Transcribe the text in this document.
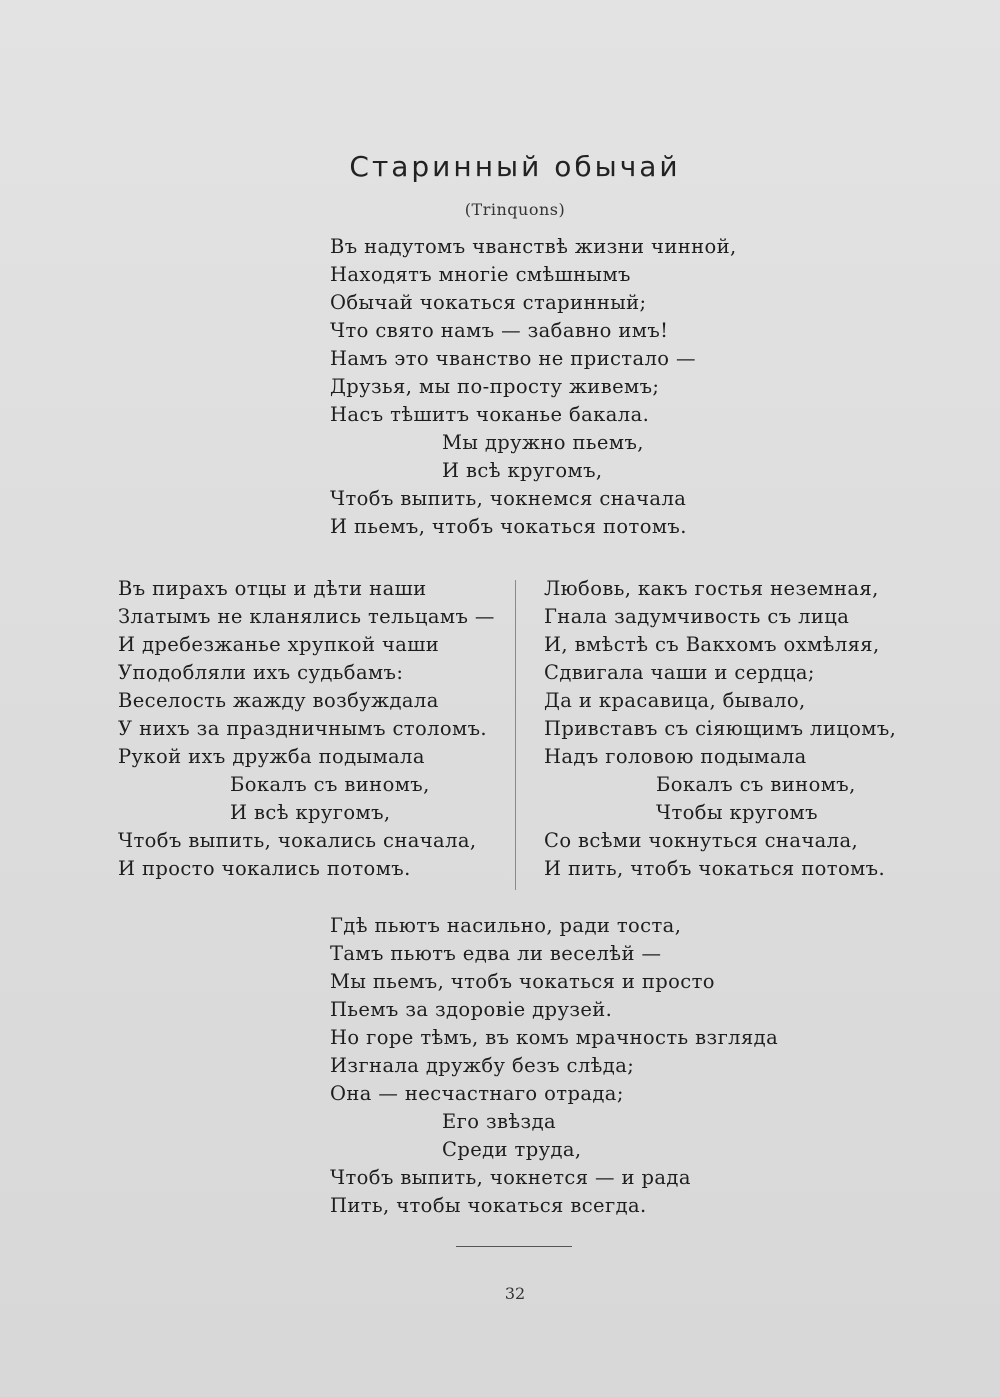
Старинный обычай
(Trinquons)
Въ надутомъ чванствѣ жизни чинной,
Находятъ многіе смѣшнымъ
Обычай чокаться старинный;
Что свято намъ — забавно имъ!
Намъ это чванство не пристало —
Друзья, мы по-просту живемъ;
Насъ тѣшитъ чоканье бакала.
Мы дружно пьемъ,
И всѣ кругомъ,
Чтобъ выпить, чокнемся сначала
И пьемъ, чтобъ чокаться потомъ.
Въ пирахъ отцы и дѣти наши
Златымъ не кланялись тельцамъ —
И дребезжанье хрупкой чаши
Уподобляли ихъ судьбамъ:
Веселость жажду возбуждала
У нихъ за праздничнымъ столомъ.
Рукой ихъ дружба подымала
Бокалъ съ виномъ,
И всѣ кругомъ,
Чтобъ выпить, чокались сначала,
И просто чокались потомъ.
Любовь, какъ гостья неземная,
Гнала задумчивость съ лица
И, вмѣстѣ съ Вакхомъ охмѣляя,
Сдвигала чаши и сердца;
Да и красавица, бывало,
Привставъ съ сіяющимъ лицомъ,
Надъ головою подымала
Бокалъ съ виномъ,
Чтобы кругомъ
Со всѣми чокнуться сначала,
И пить, чтобъ чокаться потомъ.
Гдѣ пьютъ насильно, ради тоста,
Тамъ пьютъ едва ли веселѣй —
Мы пьемъ, чтобъ чокаться и просто
Пьемъ за здоровіе друзей.
Но горе тѣмъ, въ комъ мрачность взгляда
Изгнала дружбу безъ слѣда;
Она — несчастнаго отрада;
Его звѣзда
Среди труда,
Чтобъ выпить, чокнется — и рада
Пить, чтобы чокаться всегда.
32
